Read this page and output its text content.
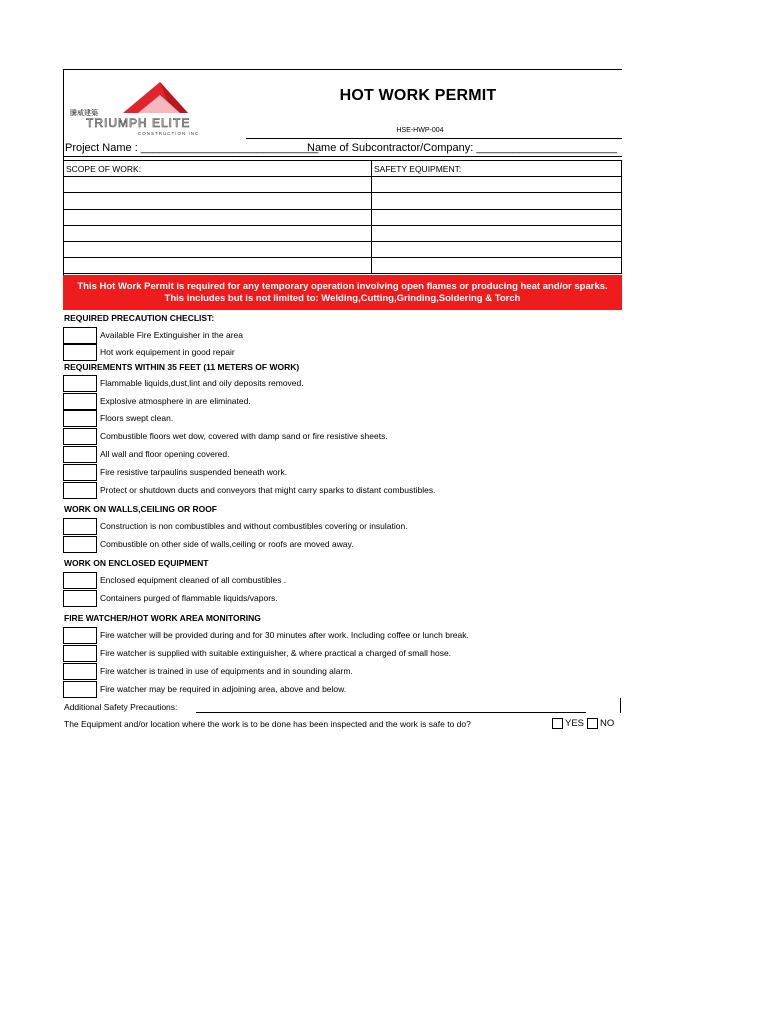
騰威建築
TRIUMPH ELITE
CONSTRUCTION INC.
HOT WORK PERMIT
HSE-HWP-004
Project Name : _____________________________
Name of Subcontractor/Company: _______________________
SCOPE OF WORK:	SAFETY EQUIPMENT:

This Hot Work Permit is required for any temporary operation involving open flames or producing heat and/or sparks. This includes but is not limited to: Welding,Cutting,Grinding,Soldering & Torch
REQUIRED PRECAUTION CHECLIST:
Available Fire Extinguisher in the area
Hot work equipement in good repair
REQUIREMENTS WITHIN 35 FEET (11 METERS OF WORK)
Flammable liquids,dust,lint and oily deposits removed.
Explosive atmosphere in are eliminated.
Floors swept clean.
Combustible floors wet dow, covered with damp sand or fire resistive sheets.
All wall and floor opening covered.
Fire resistive tarpaulins suspended beneath work.
Protect or shutdown ducts and conveyors that might carry sparks to distant combustibles.
WORK ON WALLS,CEILING OR ROOF
Construction is non combustibles and without combustibles covering or insulation.
Combustible on other side of walls,ceiling or roofs are moved away.
WORK ON ENCLOSED EQUIPMENT
Enclosed equipment cleaned of all combustibles .
Containers purged of flammable liquids/vapors.
FIRE WATCHER/HOT WORK AREA MONITORING
Fire watcher will be provided during and for 30 minutes after work. Including coffee or lunch break.
Fire watcher is supplied with suitable extinguisher, & where practical a charged of small hose.
Fire watcher is trained in use of equipments and in sounding alarm.
Fire watcher may be required in adjoining area, above and below.
Additional Safety Precautions:
The Equipment and/or location where the work is to be done has been inspected and the work is safe to do?	YES NO
